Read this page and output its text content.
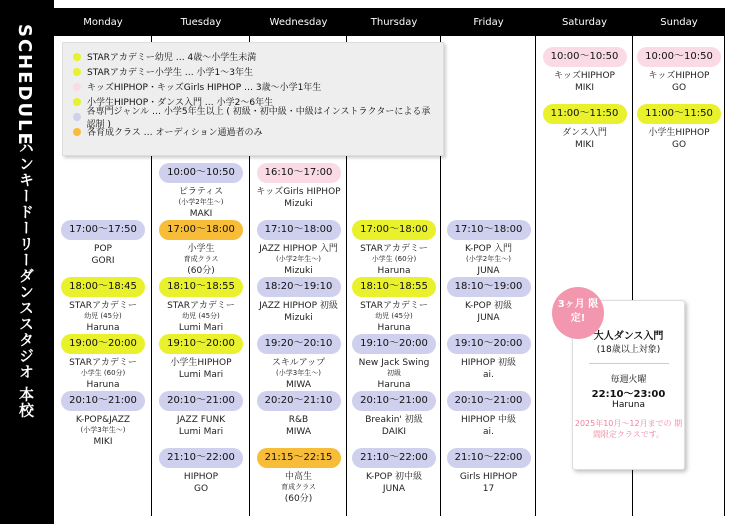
SCHEDULE
ハンキードーリーダンススタジオ 本校
Monday
17:00～17:50
POP
GORI
18:00～18:45
STARアカデミー
幼児 (45分)
Haruna
19:00～20:00
STARアカデミー
小学生 (60分)
Haruna
20:10～21:00
K-POP&JAZZ
(小学3年生～)
MIKI
Tuesday
10:00～10:50
ピラティス
(小学2年生～)
MAKI
17:00～18:00
小学生
育成クラス
(60分)
18:10～18:55
STARアカデミー
幼児 (45分)
Lumi Mari
19:10～20:00
小学生HIPHOP
Lumi Mari
20:10～21:00
JAZZ FUNK
Lumi Mari
21:10～22:00
HIPHOP
GO
Wednesday
16:10～17:00
キッズGirls HIPHOP
Mizuki
17:10～18:00
JAZZ HIPHOP 入門
(小学2年生～)
Mizuki
18:20～19:10
JAZZ HIPHOP 初級
Mizuki
19:20～20:10
スキルアップ
(小学3年生～)
MIWA
20:20～21:10
R&B
MIWA
21:15～22:15
中高生
育成クラス
(60分)
Thursday
17:00～18:00
STARアカデミー
小学生 (60分)
Haruna
18:10～18:55
STARアカデミー
幼児 (45分)
Haruna
19:10～20:00
New Jack Swing
初級
Haruna
20:10～21:00
Breakin' 初級
DAIKI
21:10～22:00
K-POP 初中級
JUNA
Friday
17:10～18:00
K-POP 入門
(小学2年生～)
JUNA
18:10～19:00
K-POP 初級
JUNA
19:10～20:00
HIPHOP 初級
ai.
20:10～21:00
HIPHOP 中級
ai.
21:10～22:00
Girls HIPHOP
17
Saturday
10:00～10:50
キッズHIPHOP
MIKI
11:00～11:50
ダンス入門
MIKI
Sunday
10:00～10:50
キッズHIPHOP
GO
11:00～11:50
小学生HIPHOP
GO
STARアカデミー幼児 … 4歳～小学生未満
STARアカデミー小学生 … 小学1～3年生
キッズHIPHOP・キッズGirls HIPHOP … 3歳～小学1年生
小学生HIPHOP・ダンス入門 … 小学2～6年生
各専門ジャンル … 小学5年生以上 ( 初級・初中級・中級はインストラクターによる承認制 )
各育成クラス … オーディション通過者のみ
大人ダンス入門
(18歳以上対象)
毎週火曜
22:10～23:00
Haruna
2025年10月～12月までの 期間限定クラスです。
3ヶ月 限定!
